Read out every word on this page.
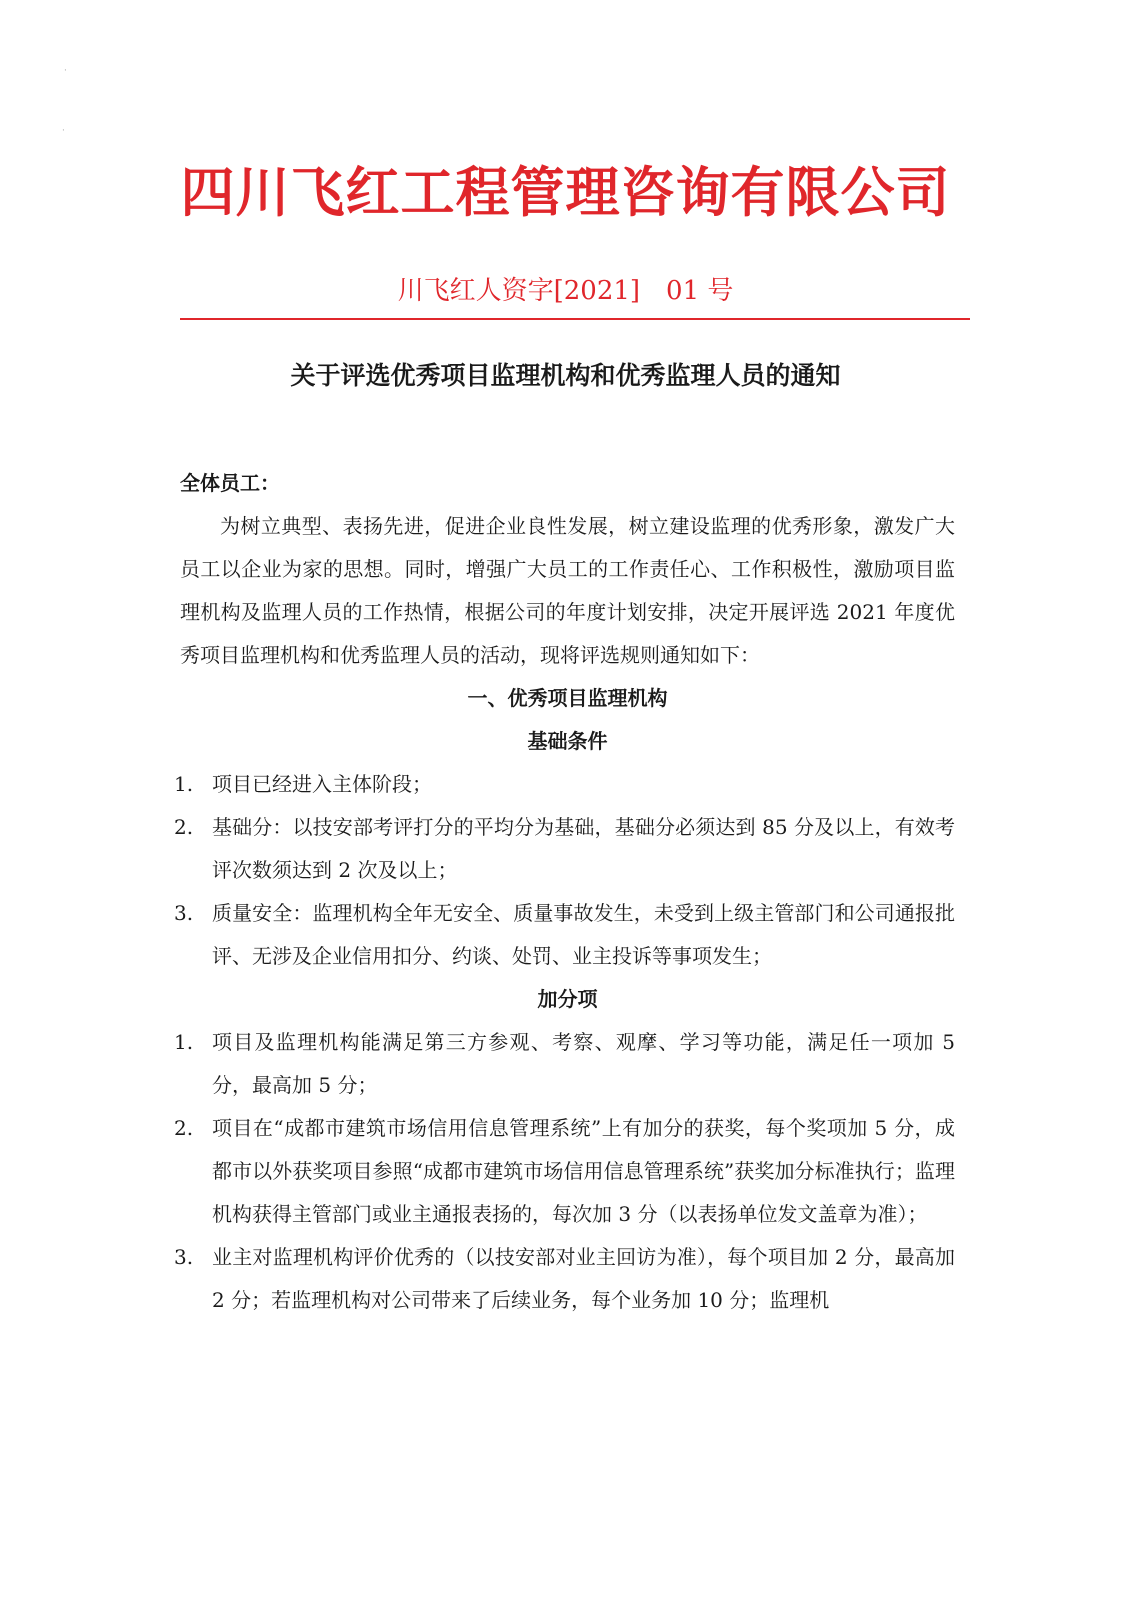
·
·
四川飞红工程管理咨询有限公司
川飞红人资字[2021]　01 号
关于评选优秀项目监理机构和优秀监理人员的通知
全体员工：
为树立典型、表扬先进，促进企业良性发展，树立建设监理的优秀形象，激发广大员工以企业为家的思想。同时，增强广大员工的工作责任心、工作积极性，激励项目监理机构及监理人员的工作热情，根据公司的年度计划安排，决定开展评选 2021 年度优秀项目监理机构和优秀监理人员的活动，现将评选规则通知如下：
一、优秀项目监理机构
基础条件
1. 项目已经进入主体阶段；
2. 基础分：以技安部考评打分的平均分为基础，基础分必须达到 85 分及以上，有效考评次数须达到 2 次及以上；
3. 质量安全：监理机构全年无安全、质量事故发生，未受到上级主管部门和公司通报批评、无涉及企业信用扣分、约谈、处罚、业主投诉等事项发生；
加分项
1. 项目及监理机构能满足第三方参观、考察、观摩、学习等功能，满足任一项加 5 分，最高加 5 分；
2. 项目在“成都市建筑市场信用信息管理系统”上有加分的获奖，每个奖项加 5 分，成都市以外获奖项目参照“成都市建筑市场信用信息管理系统”获奖加分标准执行；监理机构获得主管部门或业主通报表扬的，每次加 3 分（以表扬单位发文盖章为准）；
3. 业主对监理机构评价优秀的（以技安部对业主回访为准），每个项目加 2 分，最高加 2 分；若监理机构对公司带来了后续业务，每个业务加 10 分；监理机
